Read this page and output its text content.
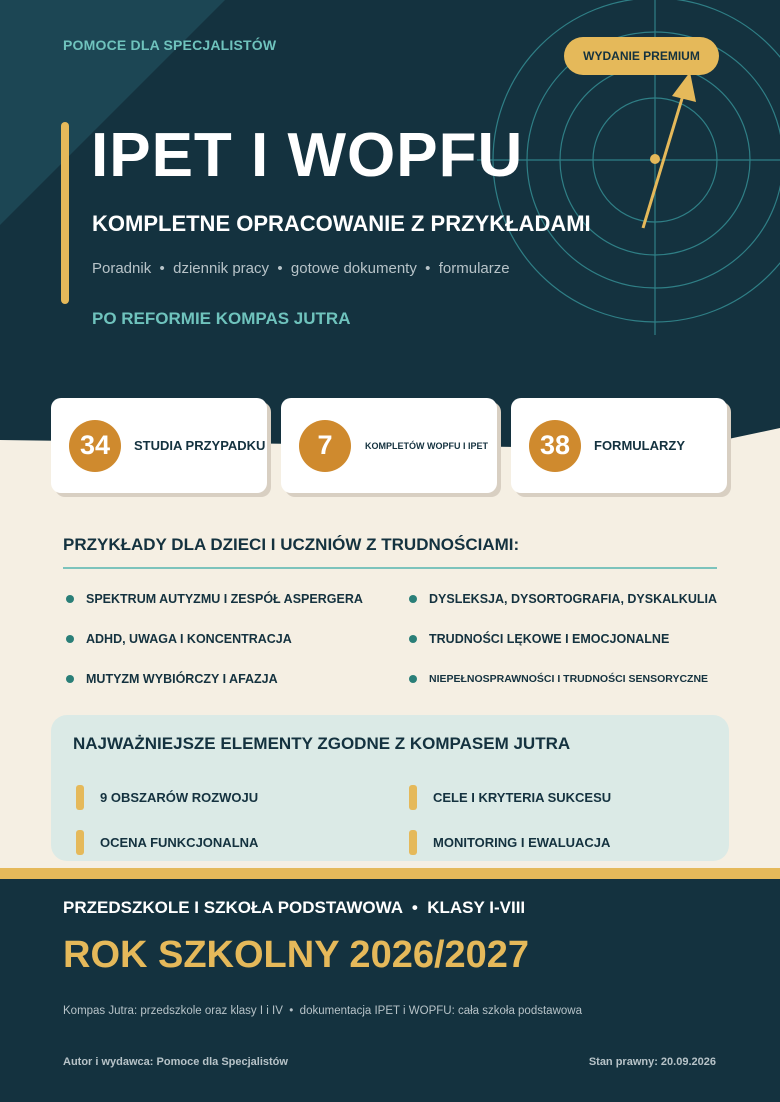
POMOCE DLA SPECJALISTÓW
WYDANIE PREMIUM
IPET I WOPFU
KOMPLETNE OPRACOWANIE Z PRZYKŁADAMI
Poradnik  •  dziennik pracy  •  gotowe dokumenty  •  formularze
PO REFORMIE KOMPAS JUTRA
34	STUDIA PRZYPADKU	7	KOMPLETÓW WOPFU I IPET	38	FORMULARZY
PRZYKŁADY DLA DZIECI I UCZNIÓW Z TRUDNOŚCIAMI:
SPEKTRUM AUTYZMU I ZESPÓŁ ASPERGERA	DYSLEKSJA, DYSORTOGRAFIA, DYSKALKULIA
ADHD, UWAGA I KONCENTRACJA	TRUDNOŚCI LĘKOWE I EMOCJONALNE
MUTYZM WYBIÓRCZY I AFAZJA	NIEPEŁNOSPRAWNOŚCI I TRUDNOŚCI SENSORYCZNE
NAJWAŻNIEJSZE ELEMENTY ZGODNE Z KOMPASEM JUTRA
9 OBSZARÓW ROZWOJU	CELE I KRYTERIA SUKCESU
OCENA FUNKCJONALNA	MONITORING I EWALUACJA
PRZEDSZKOLE I SZKOŁA PODSTAWOWA  •  KLASY I-VIII
ROK SZKOLNY 2026/2027
Kompas Jutra: przedszkole oraz klasy I i IV  •  dokumentacja IPET i WOPFU: cała szkoła podstawowa
Autor i wydawca: Pomoce dla Specjalistów	Stan prawny: 20.09.2026
